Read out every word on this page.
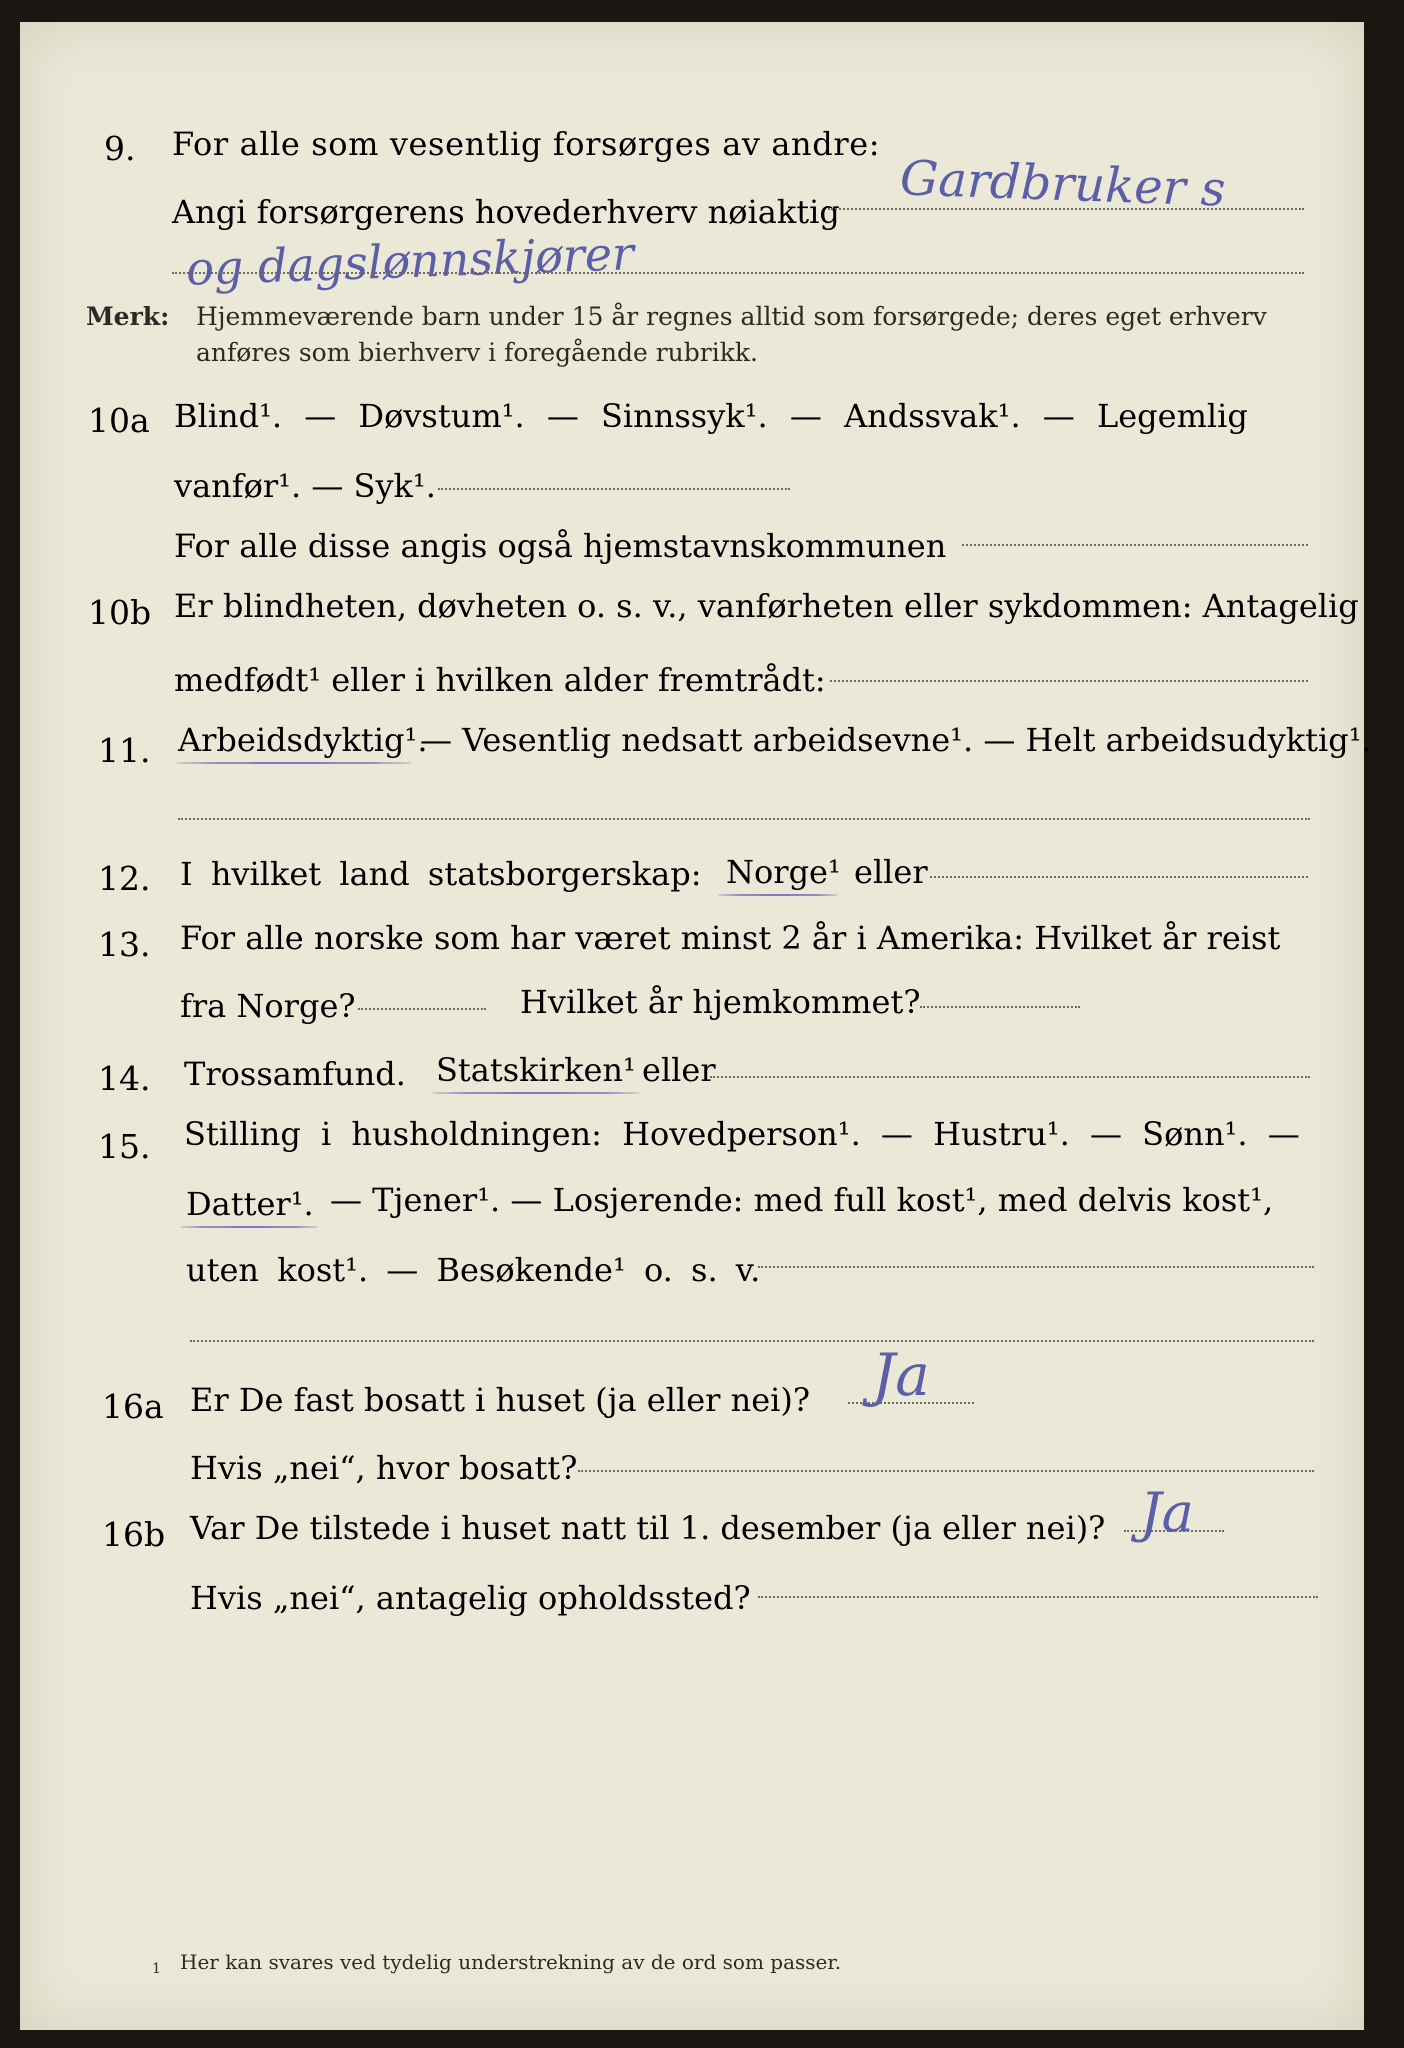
9. For alle som vesentlig forsørges av andre:
Gardbruker s
Angi forsørgerens hovederhverv nøiaktig
og dagslønnskjører
Merk: Hjemmeværende barn under 15 år regnes alltid som forsørgede; deres eget erhverv
anføres som bierhverv i foregående rubrikk.
10a Blind¹. — Døvstum¹. — Sinnssyk¹. — Andssvak¹. — Legemlig
vanfør¹. — Syk¹.
For alle disse angis også hjemstavnskommunen
10b Er blindheten, døvheten o. s. v., vanførheten eller sykdommen: Antagelig
medfødt¹ eller i hvilken alder fremtrådt:
11. Arbeidsdyktig¹.
— Vesentlig nedsatt arbeidsevne¹. — Helt arbeidsudyktig¹.
12. I hvilket land statsborgerskap: Norge¹ eller
13. For alle norske som har været minst 2 år i Amerika: Hvilket år reist
fra Norge?	Hvilket år hjemkommet?
14. Trossamfund. Statskirken¹ eller
15. Stilling i husholdningen: Hovedperson¹. — Hustru¹. — Sønn¹. —
Datter¹. — Tjener¹. — Losjerende: med full kost¹, med delvis kost¹,
uten kost¹. — Besøkende¹ o. s. v.
16a Er De fast bosatt i huset (ja eller nei)? Ja
Hvis „nei“, hvor bosatt?
16b Var De tilstede i huset natt til 1. desember (ja eller nei)? Ja
Hvis „nei“, antagelig opholdssted?
1 Her kan svares ved tydelig understrekning av de ord som passer.
